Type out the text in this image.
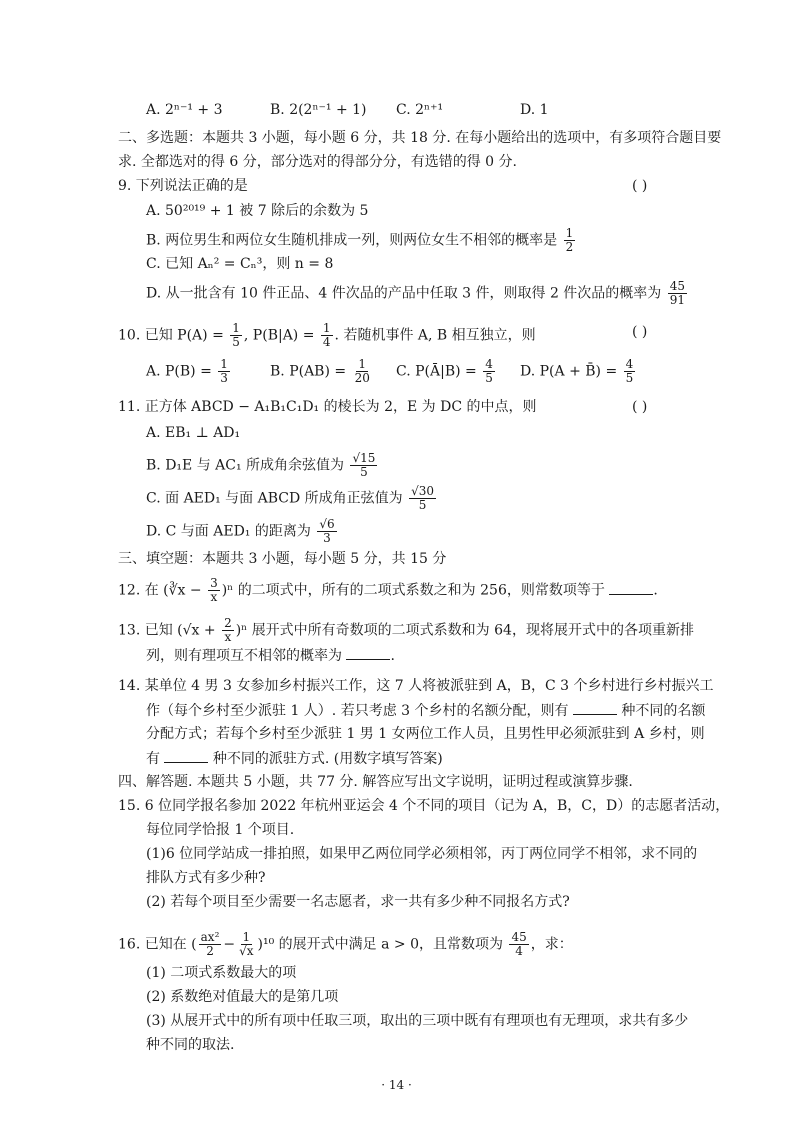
A. 2ⁿ⁻¹ + 3	B. 2(2ⁿ⁻¹ + 1) C. 2ⁿ⁺¹	D. 1
二、多选题：本题共 3 小题，每小题 6 分，共 18 分. 在每小题给出的选项中，有多项符合题目要
求. 全都选对的得 6 分，部分选对的得部分分，有选错的得 0 分.
9. 下列说法正确的是	( )
A. 50²⁰¹⁹ + 1 被 7 除后的余数为 5
B. 两位男生和两位女生随机排成一列，则两位女生不相邻的概率是 $\frac{1}{2}$
C. 已知 Aₙ² = Cₙ³，则 n = 8
D. 从一批含有 10 件正品、4 件次品的产品中任取 3 件，则取得 2 件次品的概率为 $\frac{45}{91}$
10. 已知 $P(A) = \frac{1}{5}$ , $P(B|A) = \frac{1}{4}$ . 若随机事件 A, B 相互独立，则	( )
A. $P(B) = \frac{1}{3}$	B. $P(AB) = \frac{1}{20} C$. P(Ā|B) = $\frac{4}{5} D$. P(A + B̄) = $\frac{4}{5}$
11. 正方体 ABCD − A₁B₁C₁D₁ 的棱长为 2，E 为 DC 的中点，则	( )
A. EB₁ ⊥ AD₁
B. D₁E 与 AC₁ 所成角余弦值为 $\frac{√15}{5}$
C. 面 AED₁ 与面 ABCD 所成角正弦值为 $\frac{√30}{5}$
D. C 与面 AED₁ 的距离为 $\frac{√6}{3}$
三、填空题：本题共 3 小题，每小题 5 分，共 15 分
12. 在 (∛x − $\frac{3}{x} )^n$ 的二项式中，所有的二项式系数之和为 256，则常数项等于	.
13. 已知 $(√x + \frac{2}{x} )^n$ 展开式中所有奇数项的二项式系数和为 64，现将展开式中的各项重新排
列，则有理项互不相邻的概率为	.
14. 某单位 4 男 3 女参加乡村振兴工作，这 7 人将被派驻到 A，B，C 3 个乡村进行乡村振兴工
作（每个乡村至少派驻 1 人）. 若只考虑 3 个乡村的名额分配，则有	种不同的名额
分配方式；若每个乡村至少派驻 1 男 1 女两位工作人员，且男性甲必须派驻到 A 乡村，则
有	种不同的派驻方式. (用数字填写答案)
四、解答题. 本题共 5 小题，共 77 分. 解答应写出文字说明，证明过程或演算步骤.
15. 6 位同学报名参加 2022 年杭州亚运会 4 个不同的项目（记为 A，B，C，D）的志愿者活动，
每位同学恰报 1 个项目.
(1)6 位同学站成一排拍照，如果甲乙两位同学必须相邻，丙丁两位同学不相邻，求不同的
排队方式有多少种?
(2) 若每个项目至少需要一名志愿者，求一共有多少种不同报名方式?
16. 已知在 ( $\frac{\text{ax²}}{2} - \frac{1}{√x} )^{10}$ 的展开式中满足 a > 0，且常数项为 $\frac{45}{4}$ ，求：
(1) 二项式系数最大的项
(2) 系数绝对值最大的是第几项
(3) 从展开式中的所有项中任取三项，取出的三项中既有有理项也有无理项，求共有多少
种不同的取法.
· 14 ·
